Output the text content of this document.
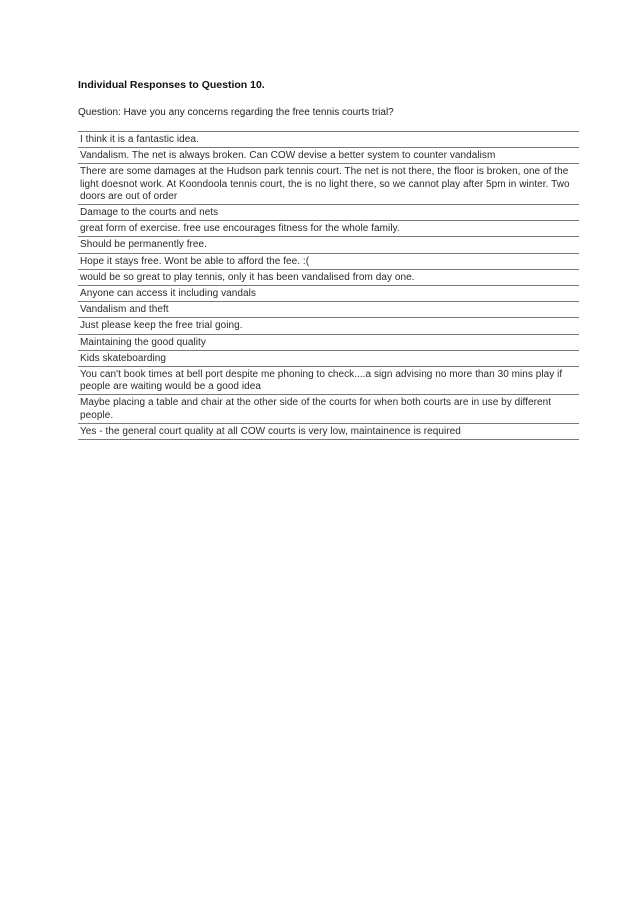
Individual Responses to Question 10.
Question: Have you any concerns regarding the free tennis courts trial?
I think it is a fantastic idea.
Vandalism. The net is always broken. Can COW devise a better system to counter vandalism
There are some damages at the Hudson park tennis court. The net is not there, the floor is broken, one of the light doesnot work. At Koondoola tennis court, the is no light there, so we cannot play after 5pm in winter. Two doors are out of order
Damage to the courts and nets
great form of exercise. free use encourages fitness for the whole family.
Should be permanently free.
Hope it stays free. Wont be able to afford the fee. :(
would be so great to play tennis, only it has been vandalised from day one.
Anyone can access it including vandals
Vandalism and theft
Just please keep the free trial going.
Maintaining the good quality
Kids skateboarding
You can't book times at bell port despite me phoning to check....a sign advising no more than 30 mins play if people are waiting would be a good idea
Maybe placing a table and chair at the other side of the courts for when both courts are in use by different people.
Yes - the general court quality at all COW courts is very low, maintainence is required
